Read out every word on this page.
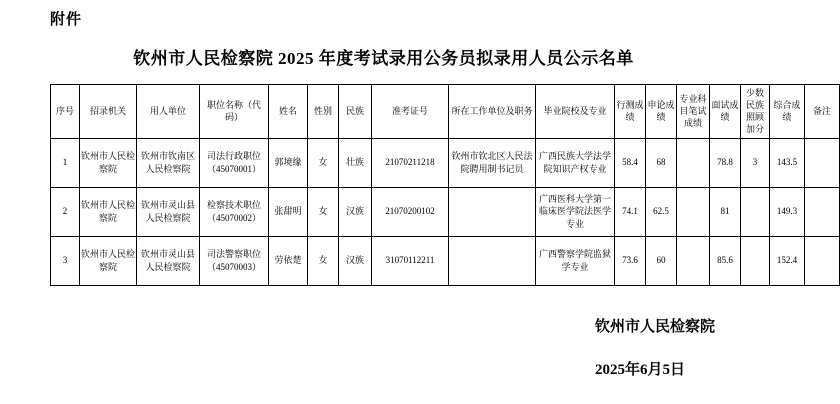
附件
钦州市人民检察院 2025 年度考试录用公务员拟录用人员公示名单
序号	招录机关	用人单位	职位名称（代码）	姓名	性别	民族	准考证号	所在工作单位及职务	毕业院校及专业	行测成绩	申论成绩	专业科目笔试成绩	面试成绩	少数民族照顾加分	综合成绩	备注
1	钦州市人民检察院	钦州市钦南区人民检察院	司法行政职位（45070001）	郭境缘	女	壮族	21070211218	钦州市钦北区人民法院聘用制书记员	广西民族大学法学院知识产权专业	58.4	68		78.8	3	143.5	
2	钦州市人民检察院	钦州市灵山县人民检察院	检察技术职位（45070002）	张甜明	女	汉族	21070200102		广西医科大学第一临床医学院法医学专业	74.1	62.5		81		149.3	
3	钦州市人民检察院	钦州市灵山县人民检察院	司法警察职位（45070003）	劳依楚	女	汉族	31070112211		广西警察学院监狱学专业	73.6	60		85.6		152.4	
钦州市人民检察院
2025年6月5日
